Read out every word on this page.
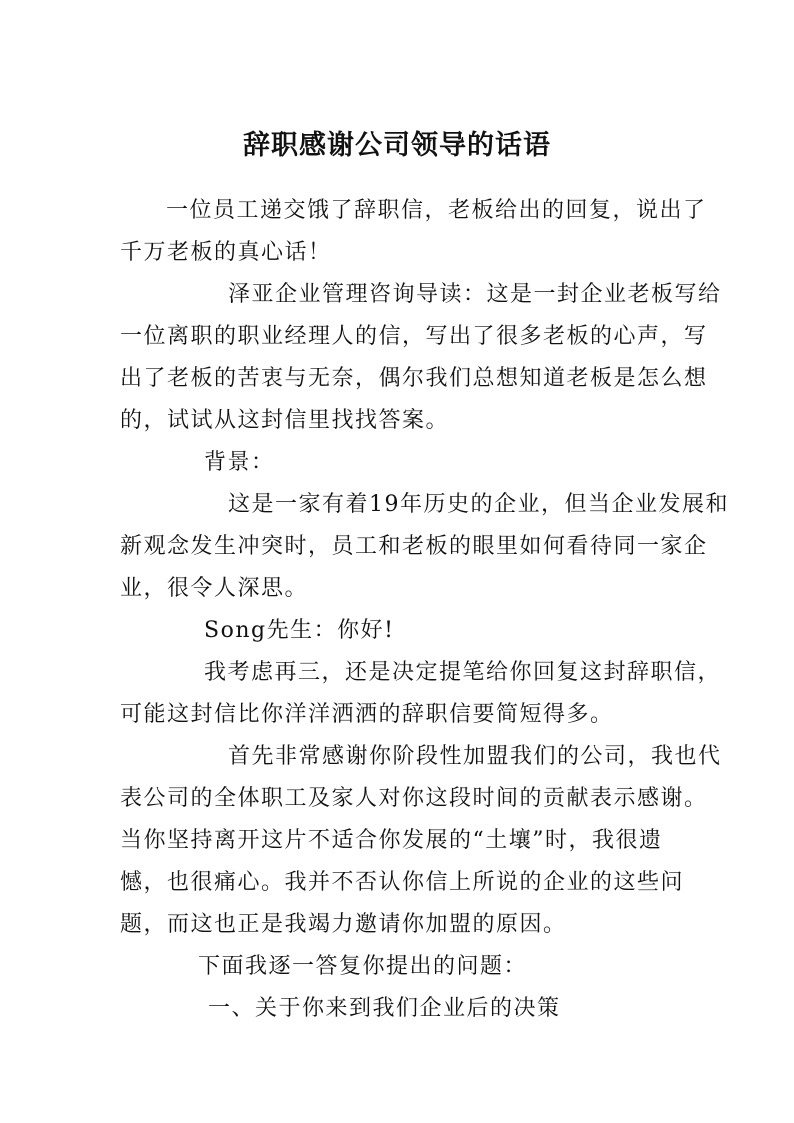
辞职感谢公司领导的话语
一位员工递交饿了辞职信，老板给出的回复，说出了
千万老板的真心话！
泽亚企业管理咨询导读：这是一封企业老板写给
一位离职的职业经理人的信，写出了很多老板的心声，写
出了老板的苦衷与无奈，偶尔我们总想知道老板是怎么想
的，试试从这封信里找找答案。
背景：
这是一家有着19年历史的企业，但当企业发展和
新观念发生冲突时，员工和老板的眼里如何看待同一家企
业，很令人深思。
Song先生：你好!
我考虑再三，还是决定提笔给你回复这封辞职信，
可能这封信比你洋洋洒洒的辞职信要简短得多。
首先非常感谢你阶段性加盟我们的公司，我也代
表公司的全体职工及家人对你这段时间的贡献表示感谢。
当你坚持离开这片不适合你发展的“土壤”时，我很遗
憾，也很痛心。我并不否认你信上所说的企业的这些问
题，而这也正是我竭力邀请你加盟的原因。
下面我逐一答复你提出的问题：
一、关于你来到我们企业后的决策
